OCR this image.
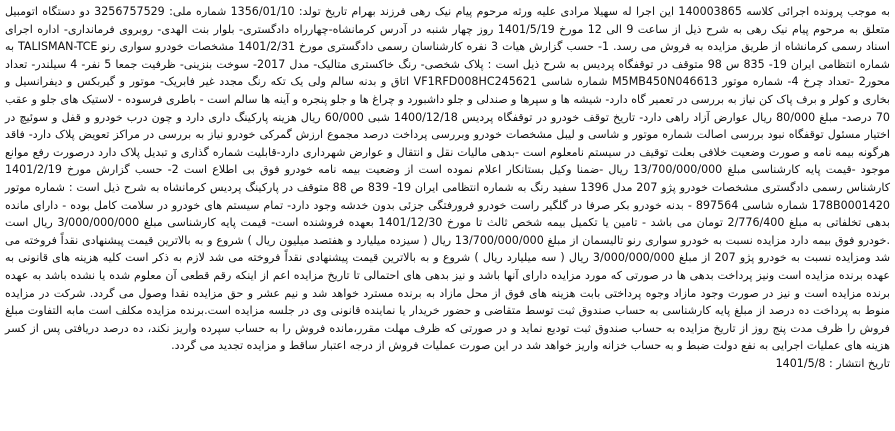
به موجب پرونده اجرائی کلاسه 140003865 این اجرا له سهیلا مرادی علیه ورثه مرحوم پیام نیک رهی فرزند بهرام تاریخ تولد: 1356/01/10 شماره ملی: 3256757529 دو دستگاه اتومبیل متعلق به مرحوم پیام نیک رهی به شرح ذیل از ساعت 9 الی 12 مورخ 1401/5/19 روز چهار شنبه در آدرس کرمانشاه-چهارراه دادگستری- بلوار بنت الهدی- روبروی فرمانداری- اداره اجرای اسناد رسمی کرمانشاه از طریق مزایده به فروش می رسد. 1- حسب گزارش هیات 3 نفره کارشناسان رسمی دادگستری مورخ 1401/2/31 مشخصات خودرو سواری رنو TALISMAN-TCE به شماره انتظامی ایران 19- 835 س 98 متوقف در توقفگاه پردیس به شرح ذیل است : پلاک شخصی- رنگ خاکستری متالیک- مدل 2017- سوخت بنزینی- ظرفیت جمعا 5 نفر- 4 سیلندر- تعداد محور2 -تعداد چرخ 4- شماره موتور M5MB450N046613 شماره شاسی VF1RFD008HC245621 اتاق و بدنه سالم ولی یک تکه رنگ مجدد غیر فابریک- موتور و گیربکس و دیفرانسیل و بخاری و کولر و برف پاک کن نیاز به بررسی در تعمیر گاه دارد- شیشه ها و سپرها و صندلی و جلو داشبورد و چراغ ها و جلو پنجره و آینه ها سالم است - باطری فرسوده - لاستیک های جلو و عقب 70 درصد- مبلغ 80/000 ریال عوارض آزاد راهی دارد- تاریخ توقف خودرو در توقفگاه پردیس 1400/12/18 شبی 60/000 ریال هزینه پارکینگ داری دارد و چون درب خودرو و قفل و سوئیچ در اختیار مسئول توقفگاه نبود بررسی اصالت شماره موتور و شاسی و لیبل مشخصات خودرو وبررسی پرداخت درصد مجموع ارزش گمرکی خودرو نیاز به بررسی در مراکز تعویض پلاک دارد- فاقد هرگونه بیمه نامه و صورت وضعیت خلافی بعلت توقیف در سیستم نامعلوم است -بدهی مالیات نقل و انتقال و عوارض شهرداری دارد-قابلیت شماره گذاری و تبدیل پلاک دارد درصورت رفع موانع موجود -قیمت پایه کارشناسی مبلغ 13/700/000/000 ریال -ضمنا وکیل بستانکار اعلام نموده است از وضعیت بیمه نامه خودرو فوق بی اطلاع است 2- حسب گزارش مورخ 1401/2/19 کارشناس رسمی دادگستری مشخصات خودرو پژو 207 مدل 1396 سفید رنگ به شماره انتظامی ایران 19- 839 ص 88 متوقف در پارکینگ پردیس کرمانشاه به شرح ذیل است : شماره موتور 178B0001420 شماره شاسی 897564 - بدنه خودرو بکر صرفا در گلگیر راست خودرو فرورفتگی جزئی بدون خدشه وجود دارد- تمام سیستم های خودرو در سلامت کامل بوده - دارای مانده بدهی تخلفاتی به مبلغ 2/776/400 تومان می باشد - تامین یا تکمیل بیمه شخص ثالث تا مورخ 1401/12/30 بعهده فروشنده است- قیمت پایه کارشناسی مبلغ 3/000/000/000 ریال است .خودرو فوق بیمه دارد مزایده نسبت به خودرو سواری رنو تالیسمان از مبلغ 13/700/000/000 ریال ( سیزده میلیارد و هفتصد میلیون ریال ) شروع و به بالاترین قیمت پیشنهادی نقداً فروخته می شد ومزایده نسبت به خودرو پژو 207 از مبلغ 3/000/000/000 ریال ( سه میلیارد ریال ) شروع و به بالاترین قیمت پیشنهادی نقداً فروخته می شد لازم به ذکر است کلیه هزینه های قانونی به عهده برنده مزایده است ونیز پرداخت بدهی ها در صورتی که مورد مزایده دارای آنها باشد و نیز بدهی های احتمالی تا تاریخ مزایده اعم از اینکه رقم قطعی آن معلوم شده یا نشده باشد به عهده برنده مزایده است و نیز در صورت وجود مازاد وجوه پرداختی بابت هزینه های فوق از محل مازاد به برنده مسترد خواهد شد و نیم عشر و حق مزایده نقدا وصول می گردد. شرکت در مزایده منوط به پرداخت ده درصد از مبلغ پایه کارشناسی به حساب صندوق ثبت توسط متقاضی و حضور خریدار یا نماینده قانونی وی در جلسه مزایده است.برنده مزایده مکلف است مابه التفاوت مبلغ فروش را ظرف مدت پنج روز از تاریخ مزایده به حساب صندوق ثبت تودیع نماید و در صورتی که ظرف مهلت مقرر،مانده فروش را به حساب سپرده واریز نکند، ده درصد دریافتی پس از کسر هزینه های عملیات اجرایی به نفع دولت ضبط و به حساب خزانه واریز خواهد شد در این صورت عملیات فروش از درجه اعتبار ساقط و مزایده تجدید می گردد.

تاریخ انتشار : 1401/5/8
